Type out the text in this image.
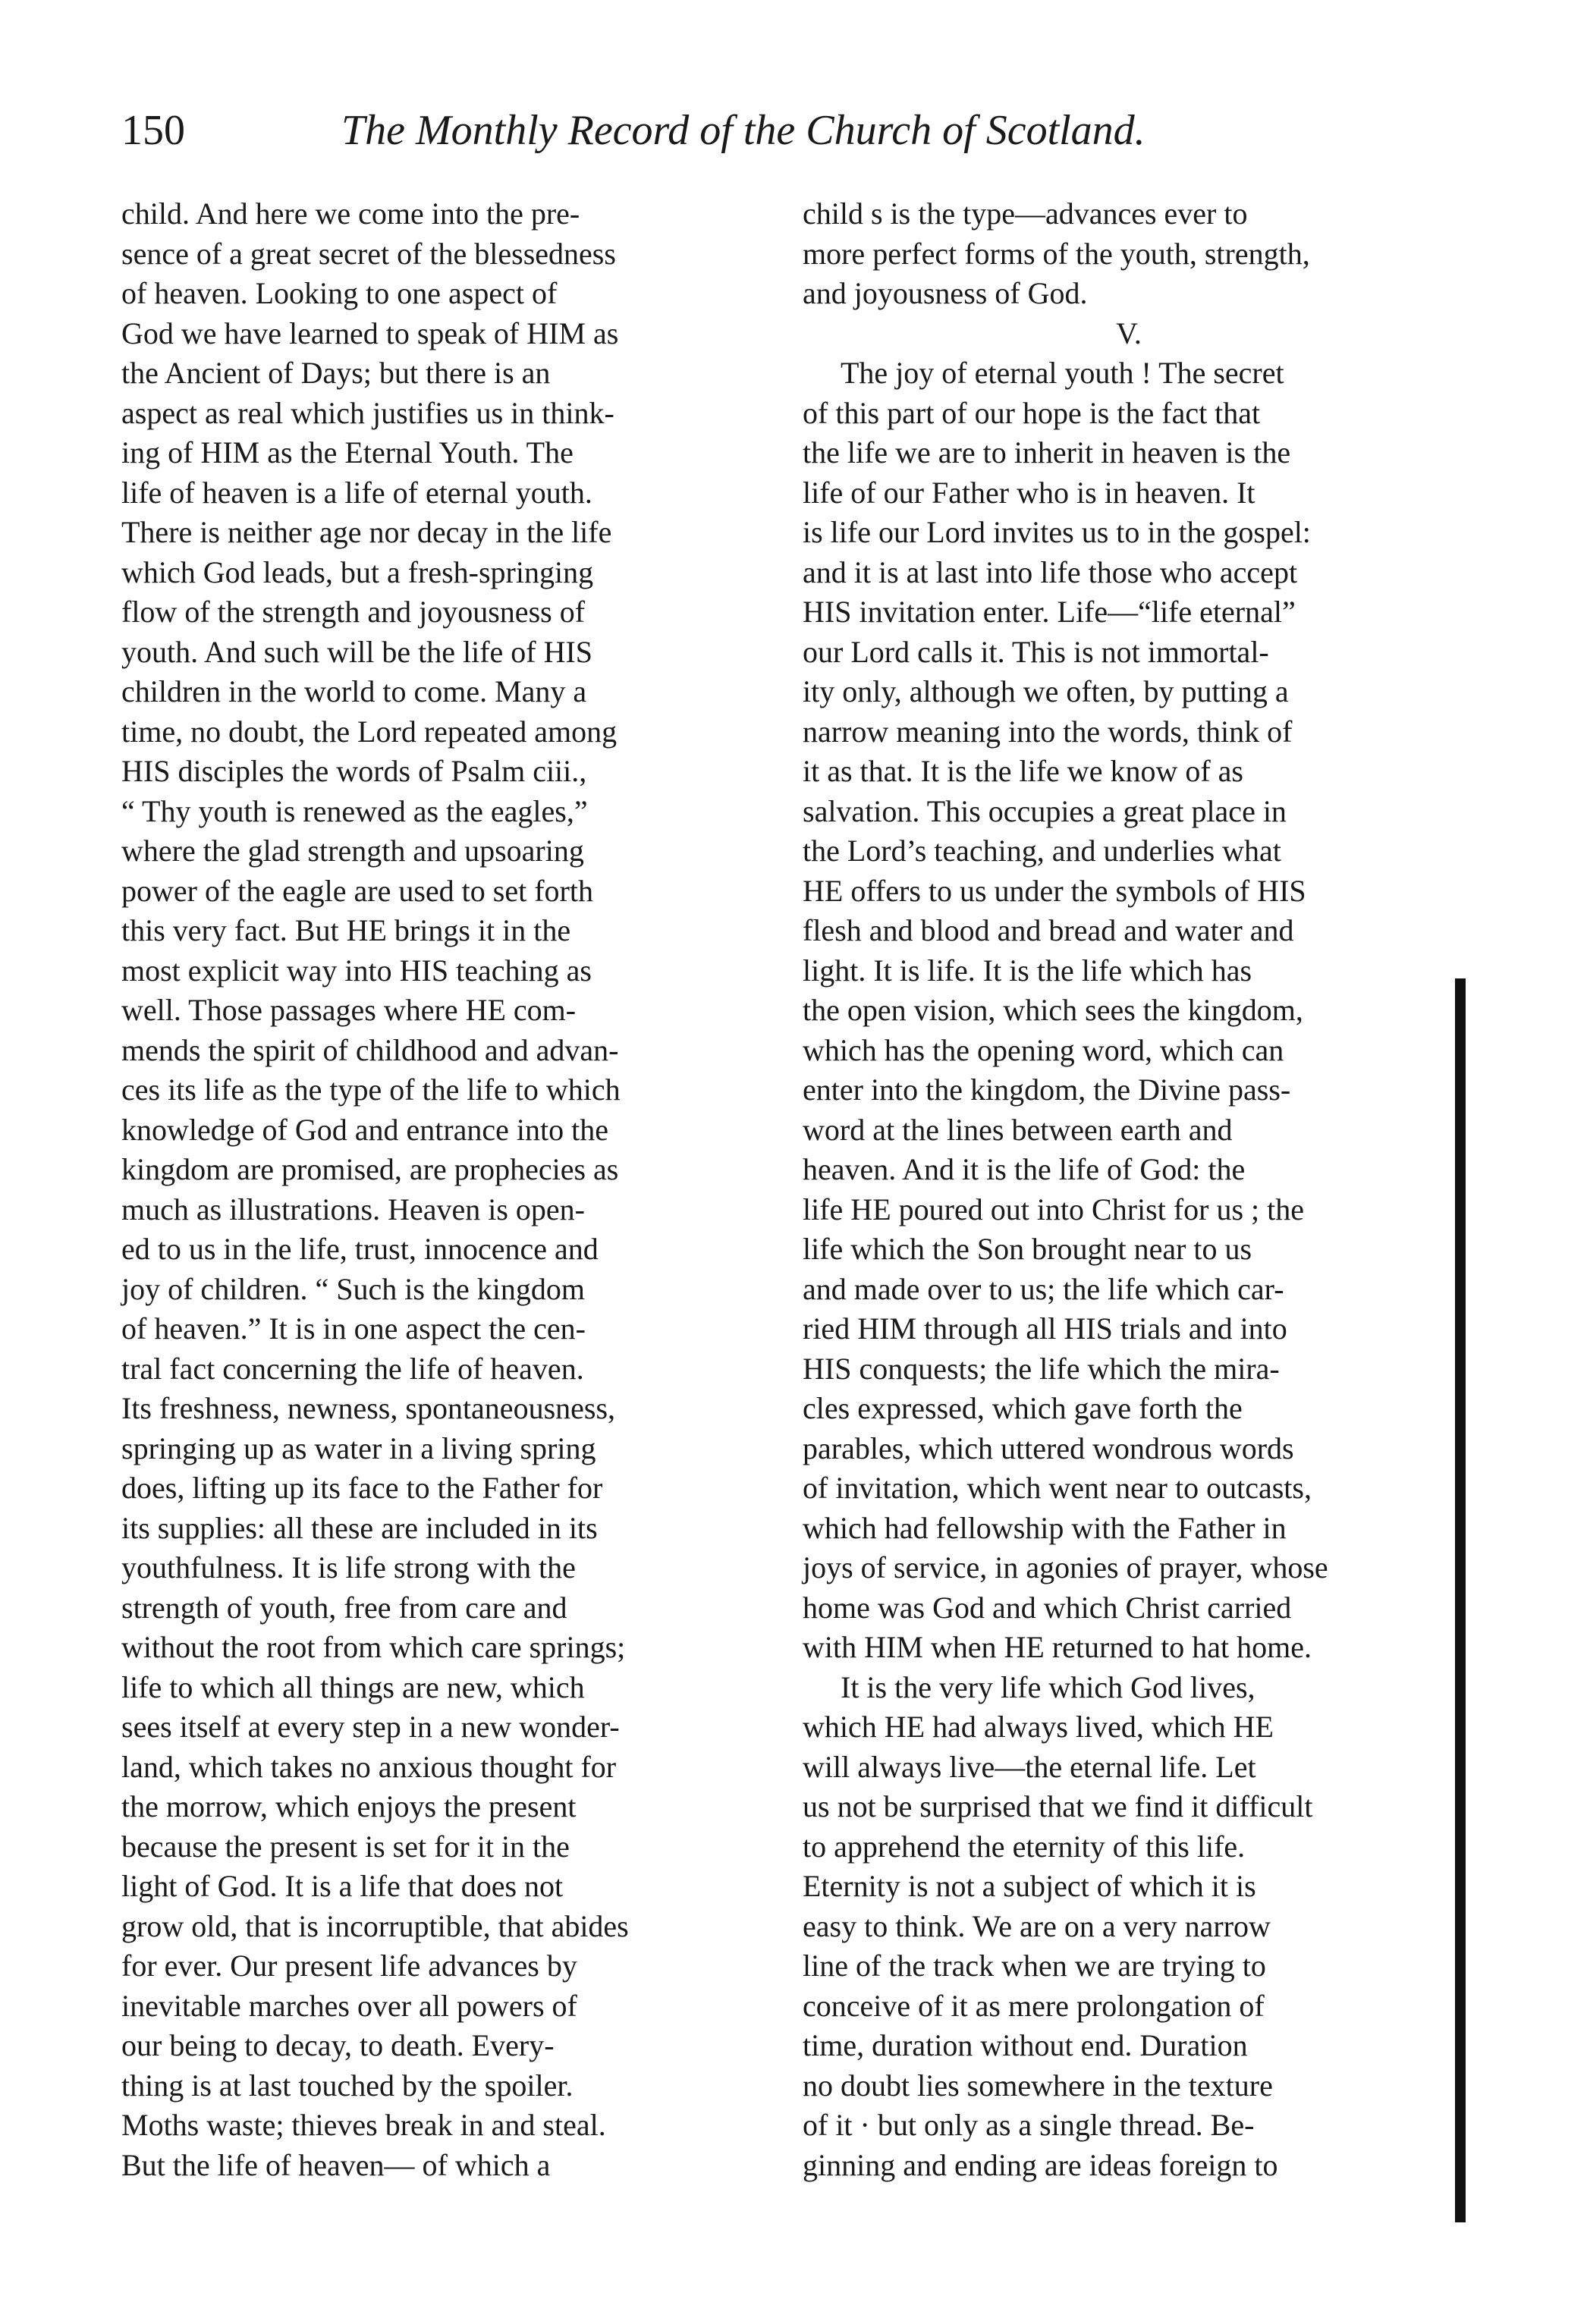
150	The Monthly Record of the Church of Scotland.
child. And here we come into the pre-
sence of a great secret of the blessedness
of heaven. Looking to one aspect of
God we have learned to speak of HIM as
the Ancient of Days; but there is an
aspect as real which justifies us in think-
ing of HIM as the Eternal Youth. The
life of heaven is a life of eternal youth.
There is neither age nor decay in the life
which God leads, but a fresh-springing
flow of the strength and joyousness of
youth. And such will be the life of HIS
children in the world to come. Many a
time, no doubt, the Lord repeated among
HIS disciples the words of Psalm ciii.,
“ Thy youth is renewed as the eagles,”
where the glad strength and upsoaring
power of the eagle are used to set forth
this very fact. But HE brings it in the
most explicit way into HIS teaching as
well. Those passages where HE com-
mends the spirit of childhood and advan-
ces its life as the type of the life to which
knowledge of God and entrance into the
kingdom are promised, are prophecies as
much as illustrations. Heaven is open-
ed to us in the life, trust, innocence and
joy of children. “ Such is the kingdom
of heaven.” It is in one aspect the cen-
tral fact concerning the life of heaven.
Its freshness, newness, spontaneousness,
springing up as water in a living spring
does, lifting up its face to the Father for
its supplies: all these are included in its
youthfulness. It is life strong with the
strength of youth, free from care and
without the root from which care springs;
life to which all things are new, which
sees itself at every step in a new wonder-
land, which takes no anxious thought for
the morrow, which enjoys the present
because the present is set for it in the
light of God. It is a life that does not
grow old, that is incorruptible, that abides
for ever. Our present life advances by
inevitable marches over all powers of
our being to decay, to death. Every-
thing is at last touched by the spoiler.
Moths waste; thieves break in and steal.
But the life of heaven— of which a
child s is the type—advances ever to
more perfect forms of the youth, strength,
and joyousness of God.
V.
The joy of eternal youth ! The secret
of this part of our hope is the fact that
the life we are to inherit in heaven is the
life of our Father who is in heaven. It
is life our Lord invites us to in the gospel:
and it is at last into life those who accept
HIS invitation enter. Life—“life eternal”
our Lord calls it. This is not immortal-
ity only, although we often, by putting a
narrow meaning into the words, think of
it as that. It is the life we know of as
salvation. This occupies a great place in
the Lord’s teaching, and underlies what
HE offers to us under the symbols of HIS
flesh and blood and bread and water and
light. It is life. It is the life which has
the open vision, which sees the kingdom,
which has the opening word, which can
enter into the kingdom, the Divine pass-
word at the lines between earth and
heaven. And it is the life of God: the
life HE poured out into Christ for us ; the
life which the Son brought near to us
and made over to us; the life which car-
ried HIM through all HIS trials and into
HIS conquests; the life which the mira-
cles expressed, which gave forth the
parables, which uttered wondrous words
of invitation, which went near to outcasts,
which had fellowship with the Father in
joys of service, in agonies of prayer, whose
home was God and which Christ carried
with HIM when HE returned to hat home.
It is the very life which God lives,
which HE had always lived, which HE
will always live—the eternal life. Let
us not be surprised that we find it difficult
to apprehend the eternity of this life.
Eternity is not a subject of which it is
easy to think. We are on a very narrow
line of the track when we are trying to
conceive of it as mere prolongation of
time, duration without end. Duration
no doubt lies somewhere in the texture
of it · but only as a single thread. Be-
ginning and ending are ideas foreign to
